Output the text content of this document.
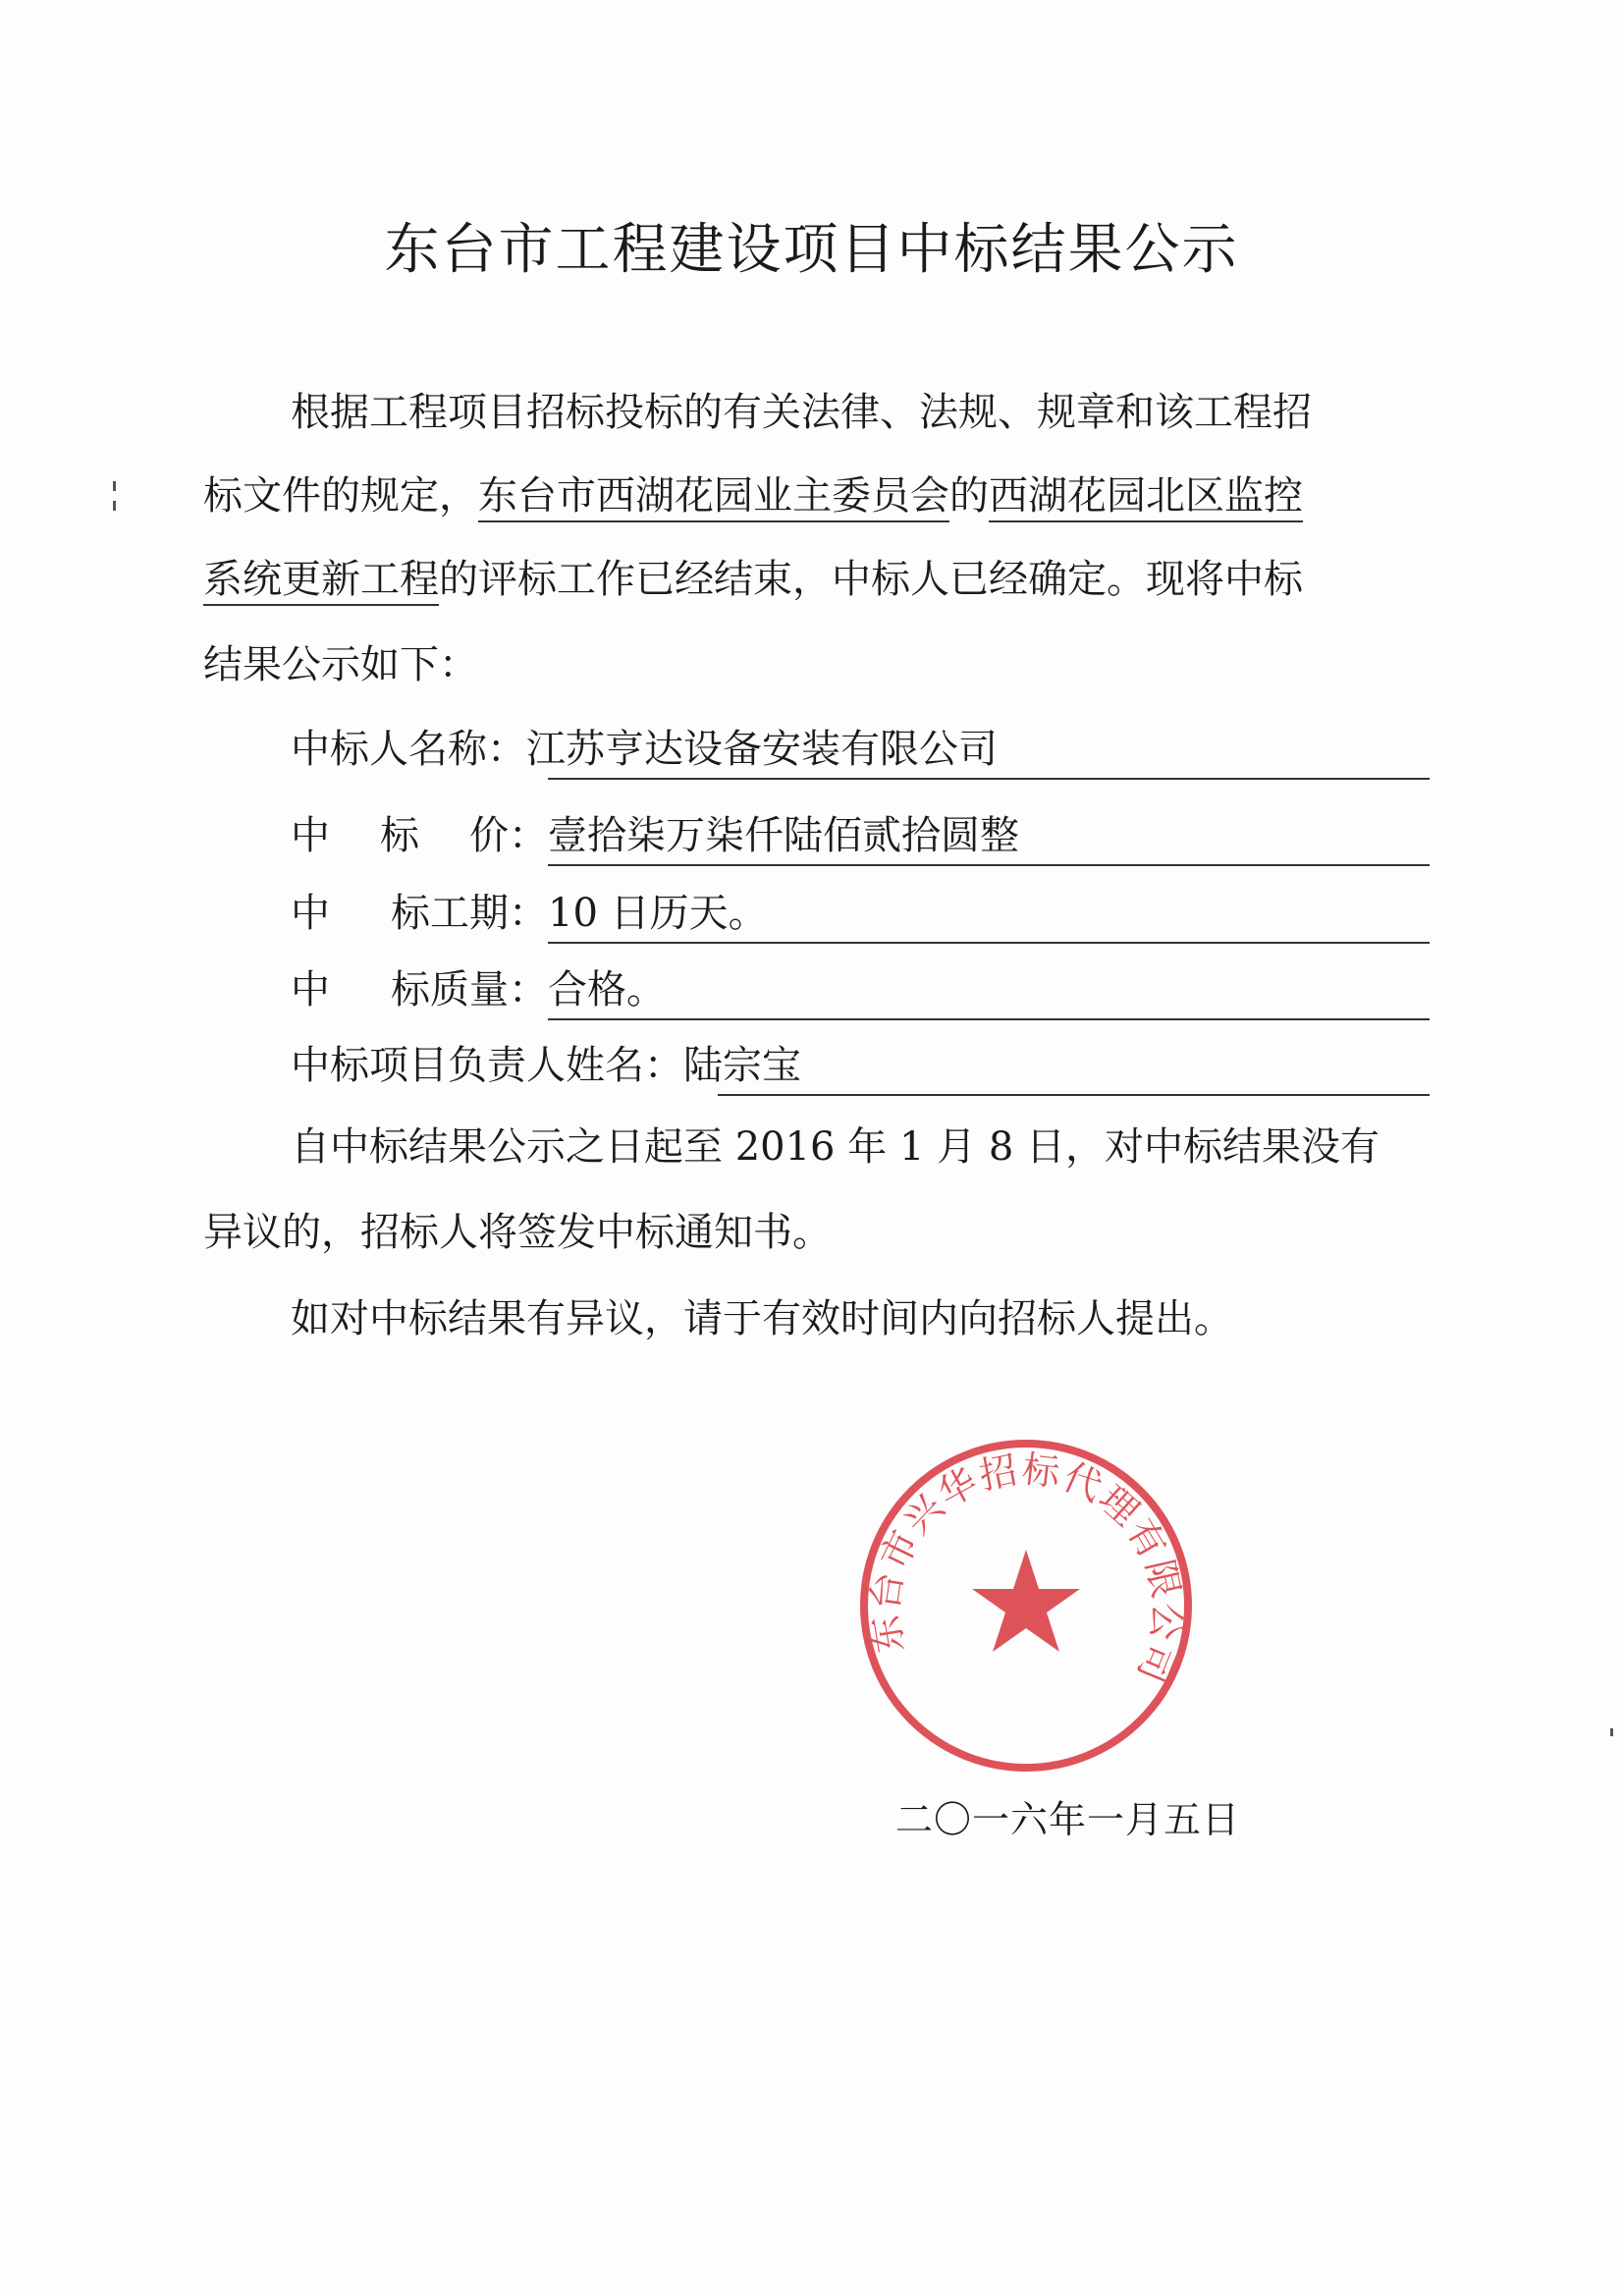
东台市工程建设项目中标结果公示
根据工程项目招标投标的有关法律、法规、规章和该工程招
标文件的规定，东台市西湖花园业主委员会的西湖花园北区监控
系统更新工程的评标工作已经结束，中标人已经确定。现将中标
结果公示如下：
中标人名称：江苏亨达设备安装有限公司
中 标 价： 壹拾柒万柒仟陆佰贰拾圆整
中 标工期： 10 日历天。
中 标质量： 合格。
中标项目负责人姓名：陆宗宝
自中标结果公示之日起至 2016 年 1 月 8 日，对中标结果没有
异议的，招标人将签发中标通知书。
如对中标结果有异议，请于有效时间内向招标人提出。
东台市兴华招标代理有限公司
二〇一六年一月五日
